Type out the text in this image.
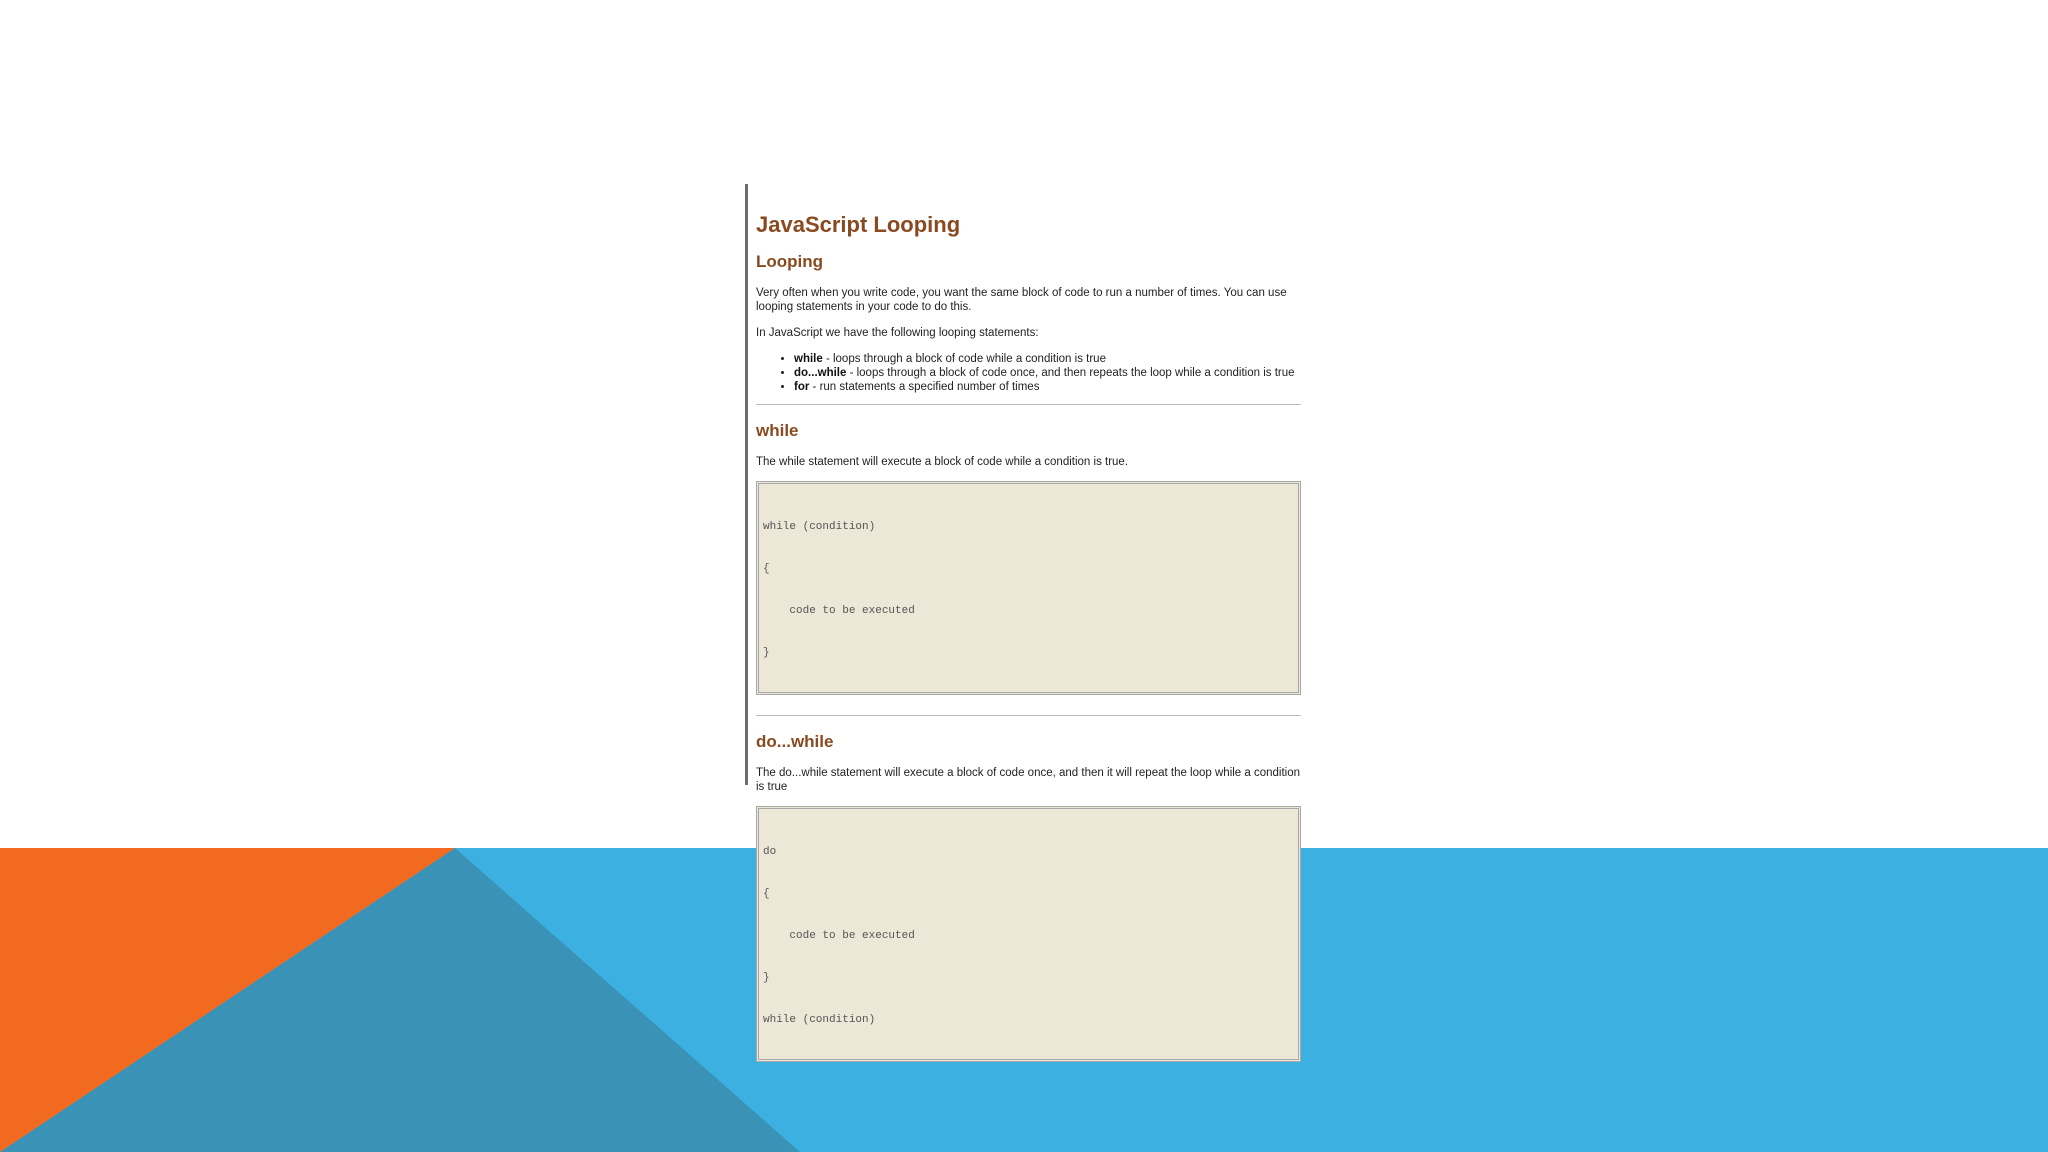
JavaScript Looping
Looping

Very often when you write code, you want the same block of code to run a number of times. You can use looping statements in your code to do this.

In JavaScript we have the following looping statements:

• while - loops through a block of code while a condition is true
• do...while - loops through a block of code once, and then repeats the loop while a condition is true
• for - run statements a specified number of times
while

The while statement will execute a block of code while a condition is true.

while (condition)

{

code to be executed

}

do...while

The do...while statement will execute a block of code once, and then it will repeat the loop while a condition is true

do

{

code to be executed

}

while (condition)
